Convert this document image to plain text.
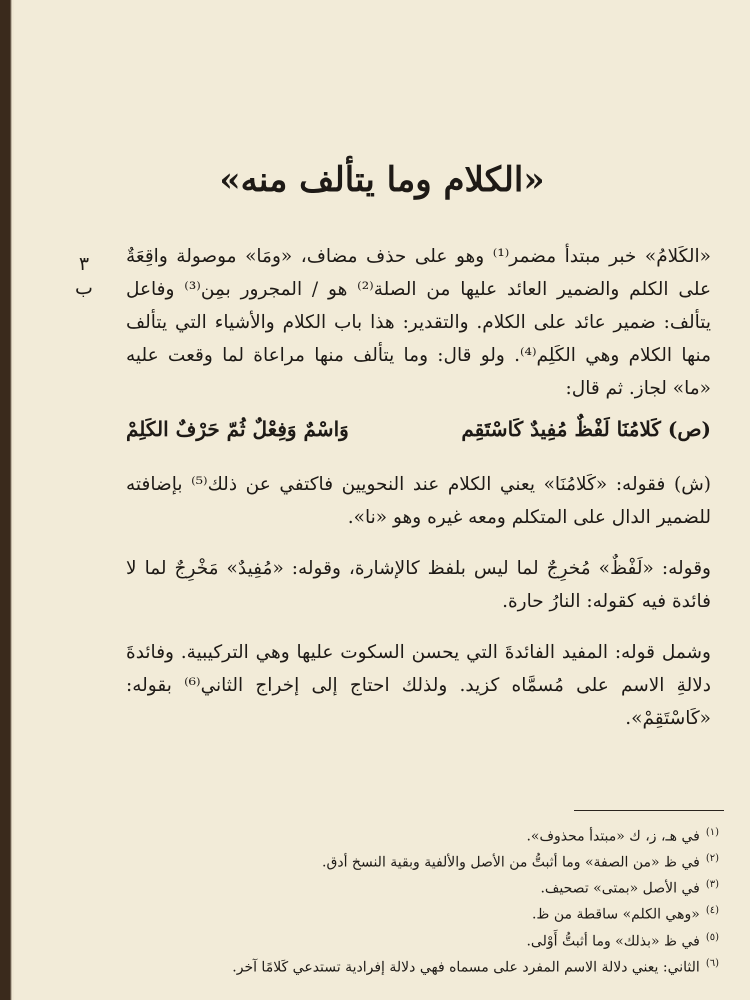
«الكلام وما يتألف منه»
٣
ب

«الكَلامُ» خبر مبتدأ مضمر⁽¹⁾ وهو على حذف مضاف، «ومَا» موصولة واقِعَةٌ على الكلم والضمير العائد عليها من الصلة⁽²⁾ هو / المجرور بمِن⁽³⁾ وفاعل يتألف: ضمير عائد على الكلام. والتقدير: هذا باب الكلام والأشياء التي يتألف منها الكلام وهي الكَلِم⁽⁴⁾. ولو قال: وما يتألف منها مراعاة لما وقعت عليه «ما» لجاز. ثم قال:

(ص) كَلامُنَا لَفْظٌ مُفِيدٌ كَاسْتَقِم
وَاسْمٌ وَفِعْلٌ ثُمّ حَرْفٌ الكَلِمْ

(ش) فقوله: «كَلامُنَا» يعني الكلام عند النحويين فاكتفي عن ذلك⁽⁵⁾ بإضافته للضمير الدال على المتكلم ومعه غيره وهو «نا».

وقوله: «لَفْظٌ» مُخرِجٌ لما ليس بلفظ كالإشارة، وقوله: «مُفِيدٌ» مَخْرِجٌ لما لا فائدة فيه كقوله: النارُ حارة.

وشمل قوله: المفيد الفائدةَ التي يحسن السكوت عليها وهي التركيبية. وفائدةَ دلالةِ الاسم على مُسمَّاه كزيد. ولذلك احتاج إلى إخراج الثاني⁽⁶⁾ بقوله: «كَاسْتَقِمْ».

$^{(١)}$في هـ، ز، ك «مبتدأ محذوف».

$^{(٢)}$في ظ «من الصفة» وما أثبتُّ من الأصل والألفية وبقية النسخ أدق.

$^{(٣)}$في الأصل «بمتى» تصحيف.

$^{(٤)}$«وهي الكلم» ساقطة من ظ.

$^{(٥)}$في ظ «بذلك» وما أثبتُّ أَوْلى.

$^{(٦)}$الثاني: يعني دلالة الاسم المفرد على مسماه فهي دلالة إفرادية تستدعي كَلامًا آخر.
